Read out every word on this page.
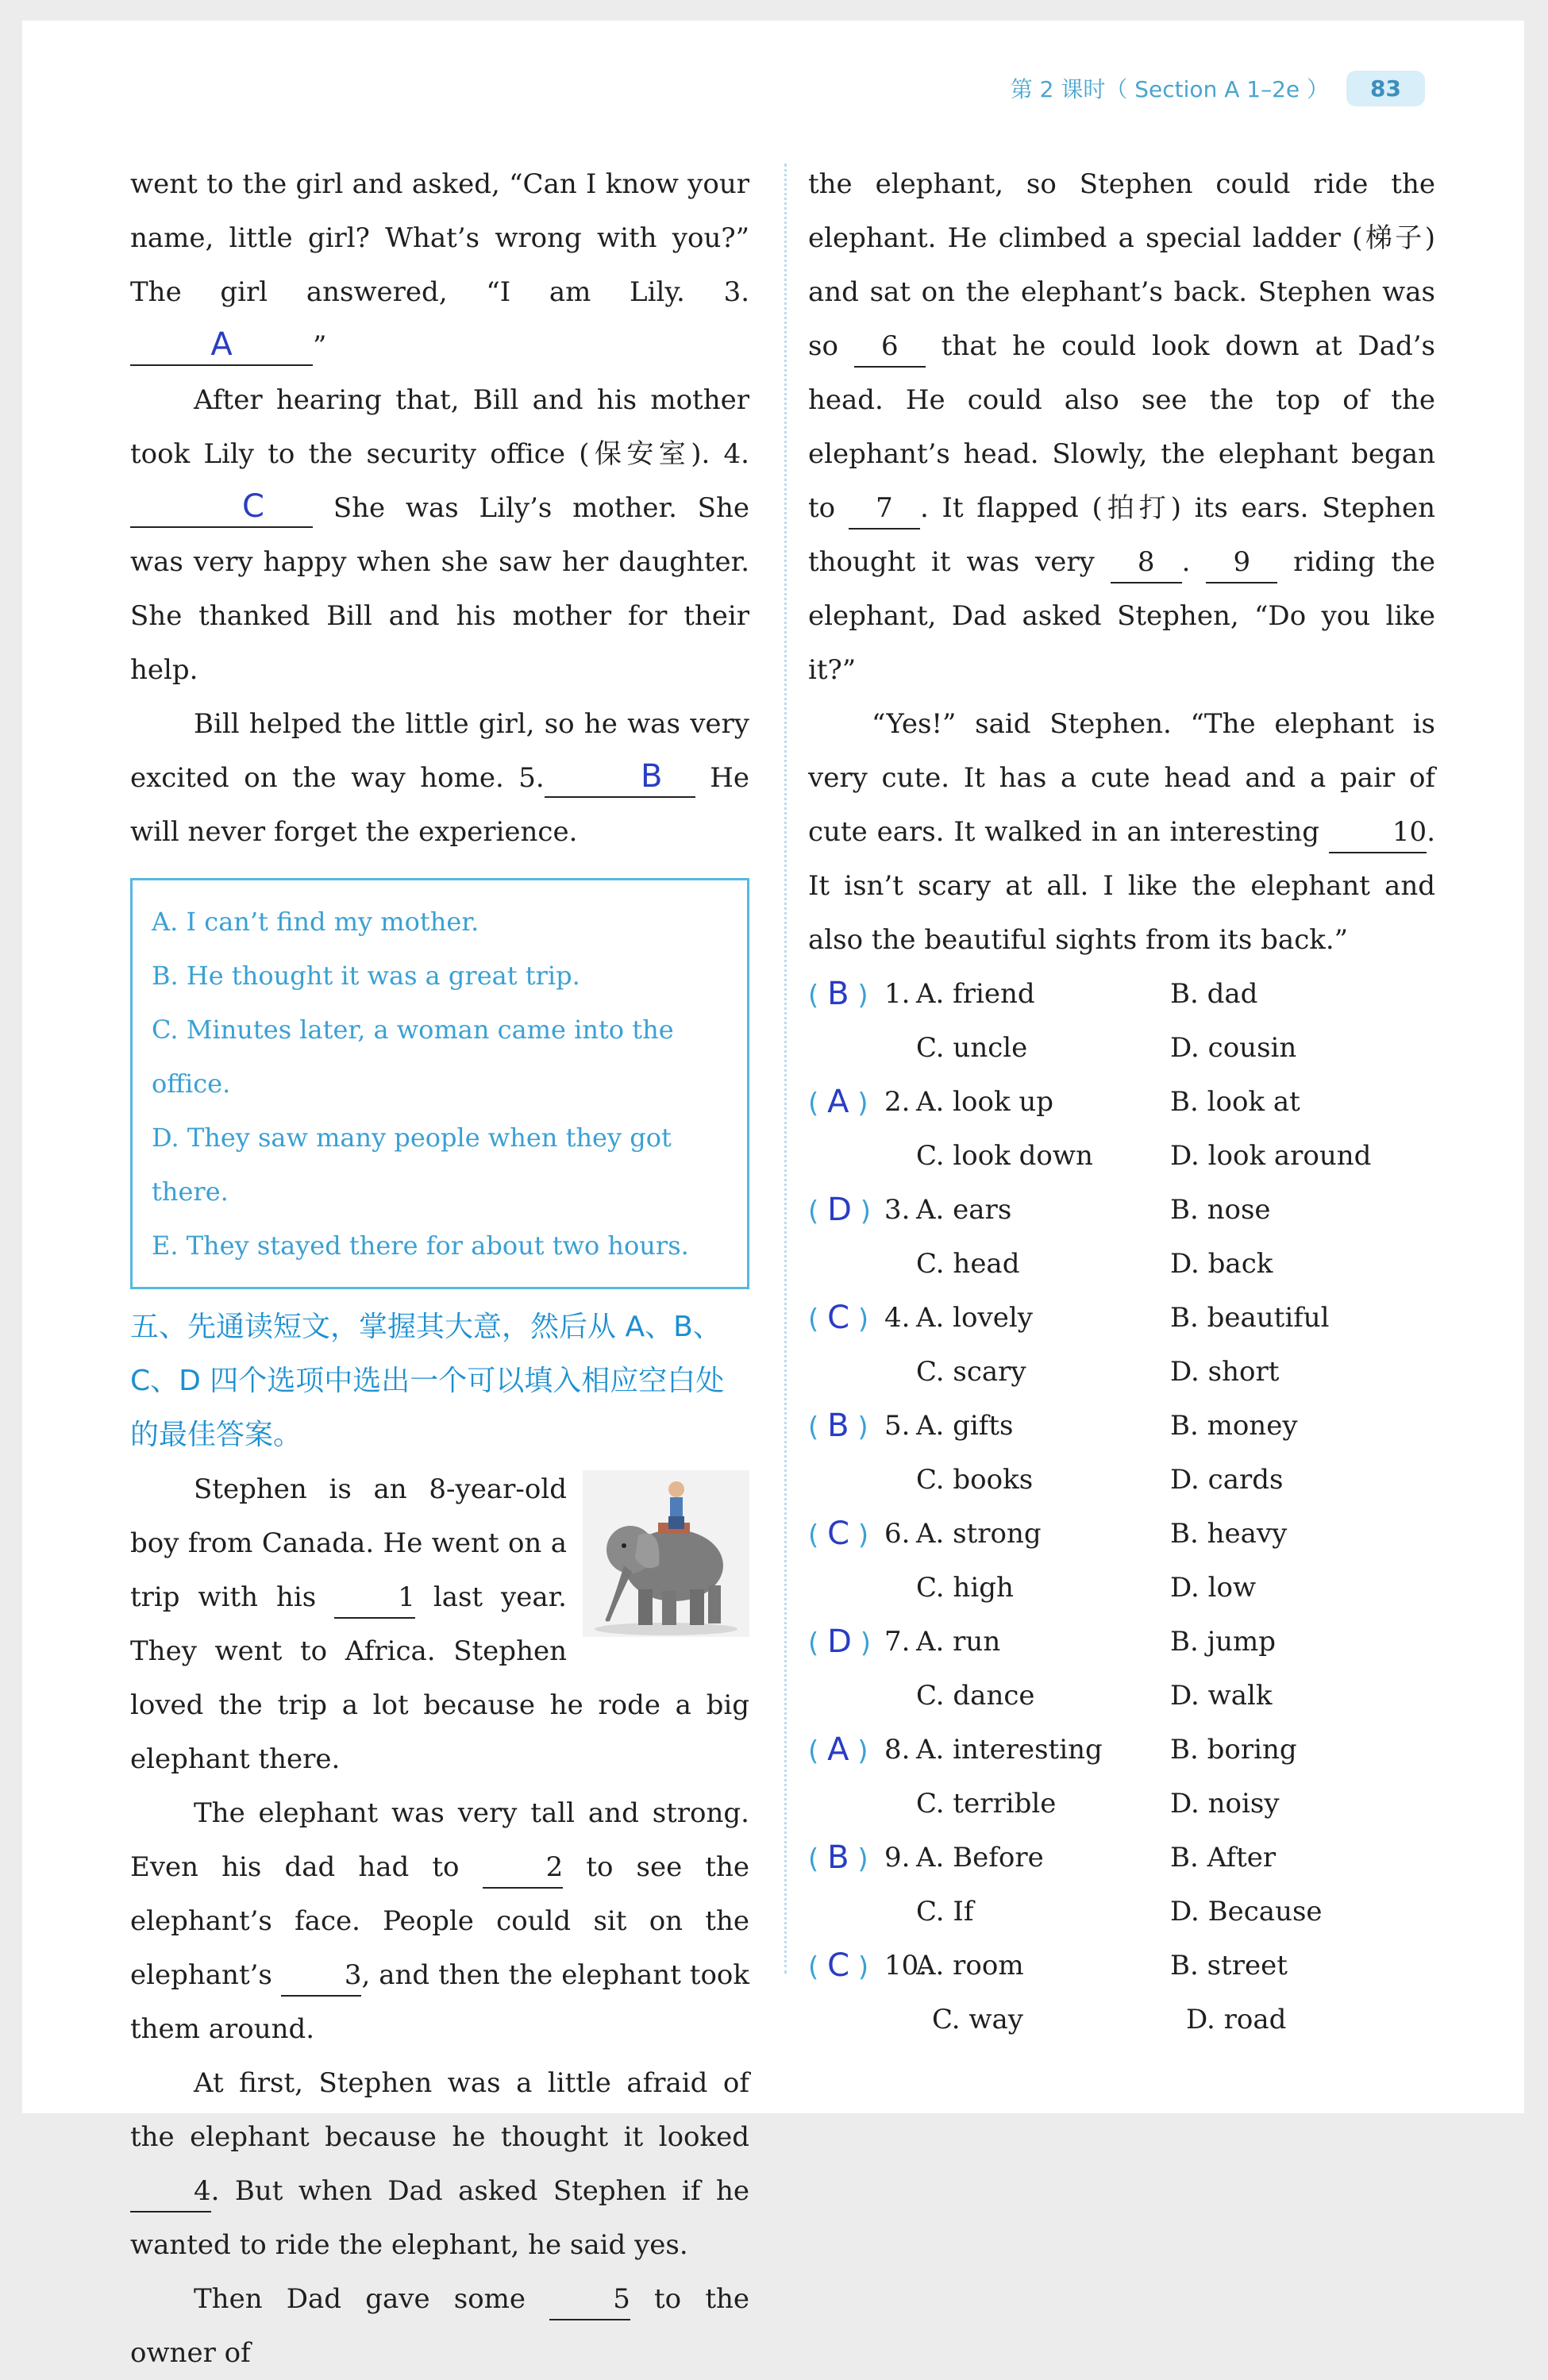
第 2 课时（ Section A 1–2e ）	83

went to the girl and asked, “Can I know your name, little girl? What’s wrong with you?” The girl answered, “I am Lily. 3.A	”

After hearing that, Bill and his mother took Lily to the security office (保安室). 4.C	She was Lily’s mother. She was very happy when she saw her daughter. She thanked Bill and his mother for their help.

Bill helped the little girl, so he was very excited on the way home. 5.	B He will never forget the experience.

A. I can’t find my mother.
B. He thought it was a great trip.
C. Minutes later, a woman came into the office.
D. They saw many people when they got there.
E. They stayed there for about two hours.
五、先通读短文，掌握其大意，然后从 A、B、C、D 四个选项中选出一个可以填入相应空白处的最佳答案。

Stephen is an 8-year-old boy from Canada. He went on a trip with his	1 last year. They went to Africa. Stephen loved the trip a lot because he rode a big elephant there.

The elephant was very tall and strong. Even his dad had to	2 to see the elephant’s face. People could sit on the elephant’s	3, and then the elephant took them around.

At first, Stephen was a little afraid of the elephant because he thought it looked 4. But when Dad asked Stephen if he wanted to ride the elephant, he said yes.

Then Dad gave some	5 to the owner of

the elephant, so Stephen could ride the elephant. He climbed a special ladder (梯子) and sat on the elephant’s back. Stephen was so 6 that he could look down at Dad’s head. He could also see the top of the elephant’s head. Slowly, the elephant began to 7 . It flapped (拍打) its ears. Stephen thought it was very 8 . 9 riding the elephant, Dad asked Stephen, “Do you like it?”

“Yes!” said Stephen. “The elephant is very cute. It has a cute head and a pair of cute ears. It walked in an interesting	10. It isn’t scary at all. I like the elephant and also the beautiful sights from its back.”

( B ) 1. A. friend	B. dad
C. uncle	D. cousin
( A ) 2. A. look up	B. look at
C. look down	D. look around
( D ) 3. A. ears	B. nose
C. head	D. back
( C ) 4. A. lovely	B. beautiful
C. scary	D. short
( B ) 5. A. gifts	B. money
C. books	D. cards
( C ) 6. A. strong	B. heavy
C. high	D. low
( D ) 7. A. run	B. jump
C. dance	D. walk
( A ) 8. A. interesting	B. boring
C. terrible	D. noisy
( B ) 9. A. Before	B. After
C. If	D. Because
( C ) 10.
A. room	B. street
C. way	D. road
